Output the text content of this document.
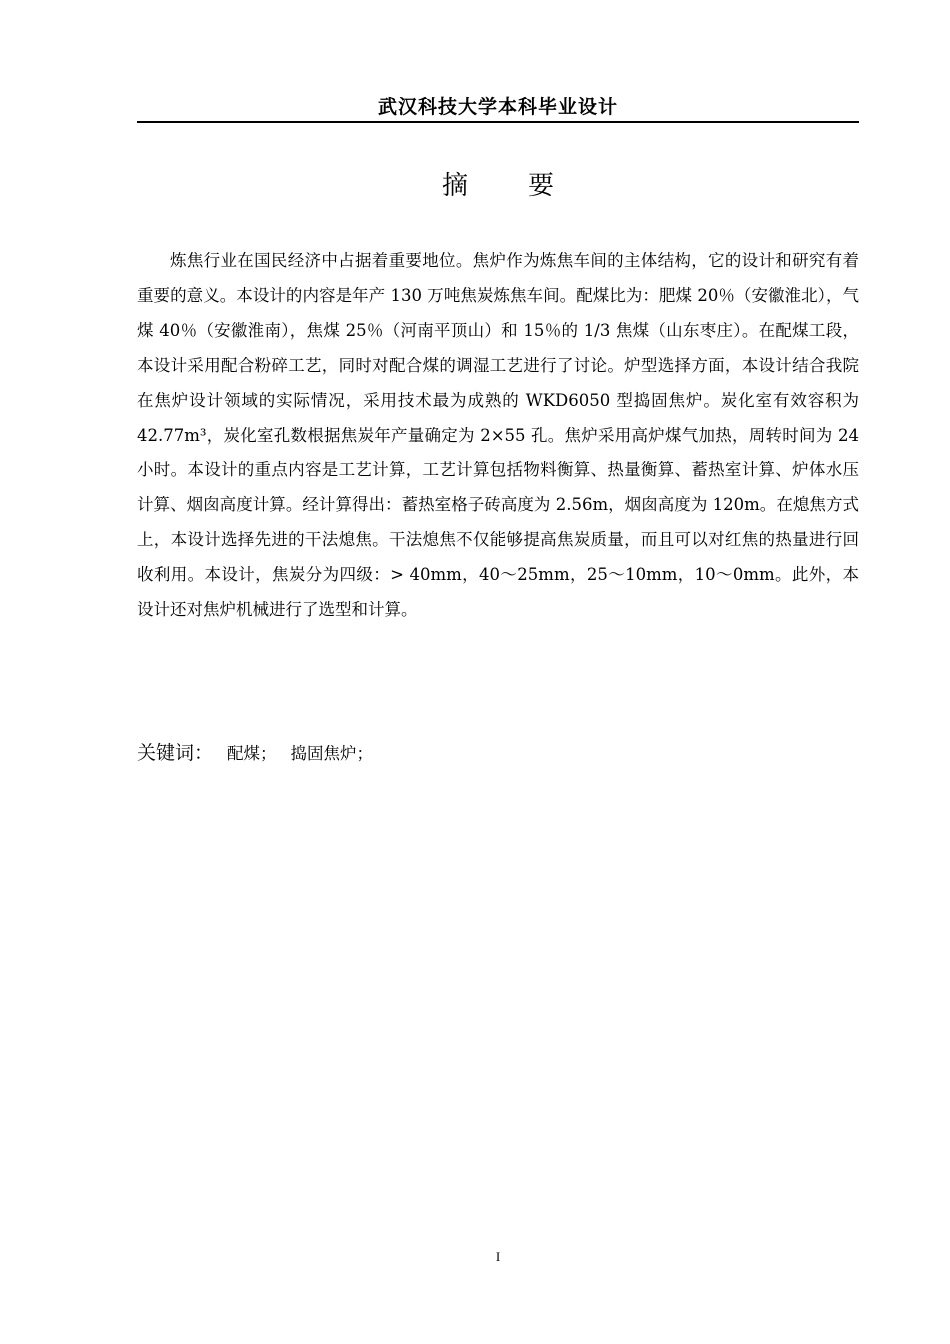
武汉科技大学本科毕业设计
摘 要

炼焦行业在国民经济中占据着重要地位。焦炉作为炼焦车间的主体结构，它的设计和研究有着重要的意义。本设计的内容是年产 130 万吨焦炭炼焦车间。配煤比为：肥煤 20％（安徽淮北），气煤 40％（安徽淮南），焦煤 25％（河南平顶山）和 15％的 1/3 焦煤（山东枣庄）。在配煤工段，本设计采用配合粉碎工艺，同时对配合煤的调湿工艺进行了讨论。炉型选择方面，本设计结合我院在焦炉设计领域的实际情况，采用技术最为成熟的 WKD6050 型捣固焦炉。炭化室有效容积为 42.77m³，炭化室孔数根据焦炭年产量确定为 2×55 孔。焦炉采用高炉煤气加热，周转时间为 24 小时。本设计的重点内容是工艺计算，工艺计算包括物料衡算、热量衡算、蓄热室计算、炉体水压计算、烟囱高度计算。经计算得出：蓄热室格子砖高度为 2.56m，烟囱高度为 120m。在熄焦方式上，本设计选择先进的干法熄焦。干法熄焦不仅能够提高焦炭质量，而且可以对红焦的热量进行回收利用。本设计，焦炭分为四级：> 40mm，40～25mm，25～10mm，10～0mm。此外，本设计还对焦炉机械进行了选型和计算。

关键词： 配煤； 捣固焦炉；
I
